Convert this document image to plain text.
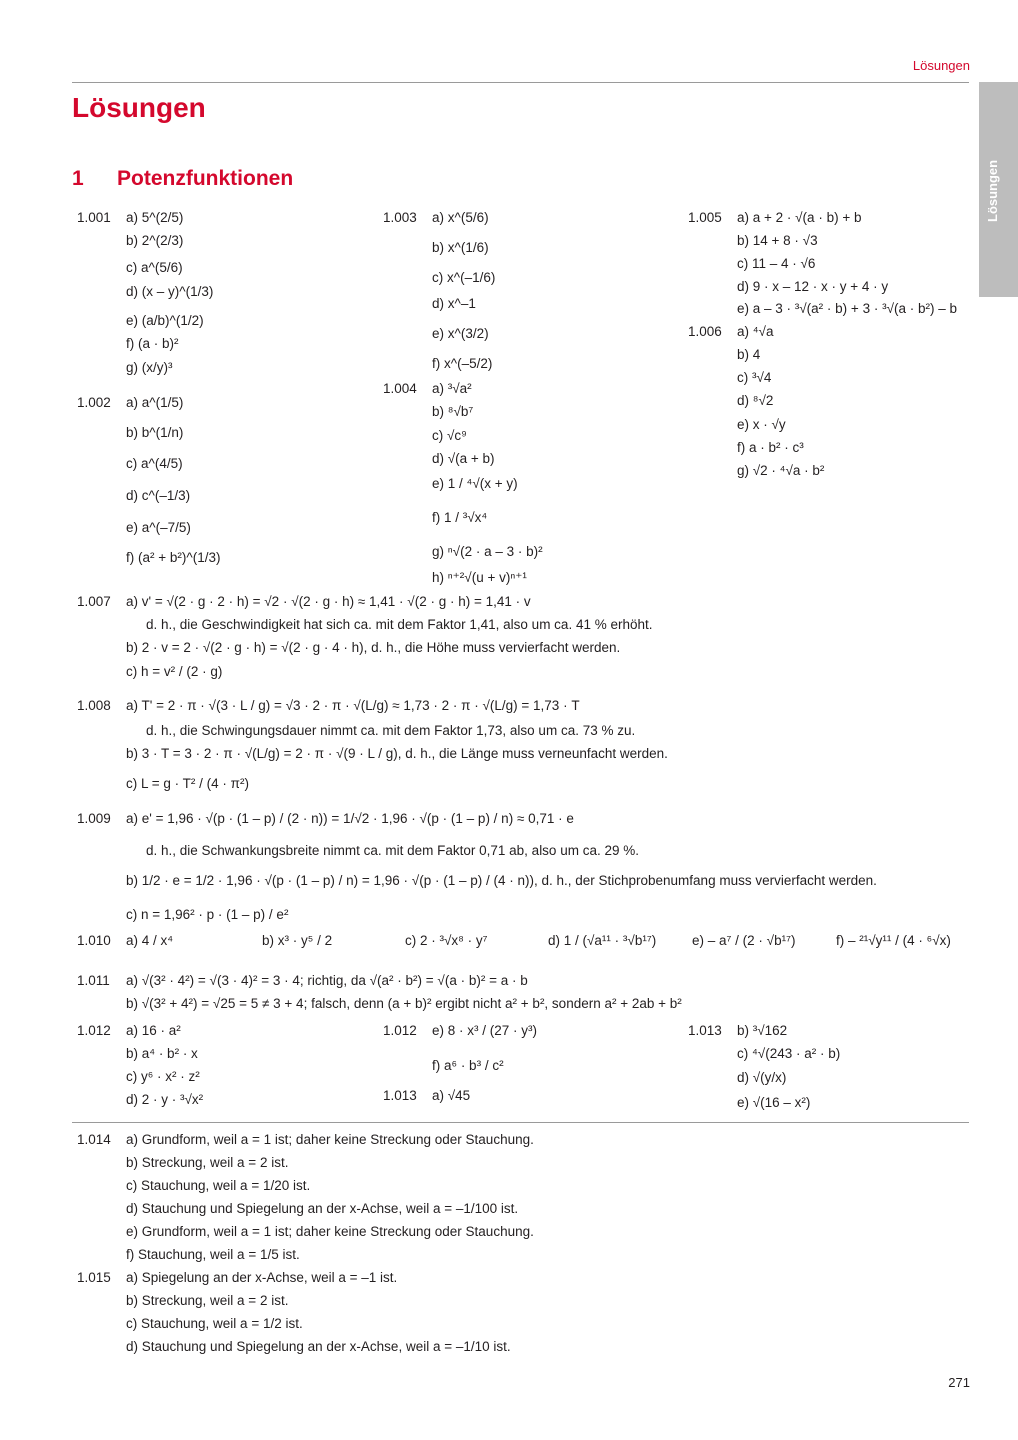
Lösungen
Lösungen
Lösungen
1 Potenzfunktionen
1.001 a) 5^(2/5)
b) 2^(2/3)
c) a^(5/6)
d) (x – y)^(1/3)
e) (a/b)^(1/2)
f) (a · b)²
g) (x/y)³
1.002 a) a^(1/5)
b) b^(1/n)
c) a^(4/5)
d) c^(–1/3)
e) a^(–7/5)
f) (a² + b²)^(1/3)
1.003 a) x^(5/6)
b) x^(1/6)
c) x^(–1/6)
d) x^–1
e) x^(3/2)
f) x^(–5/2)
1.004 a) ³√a²
b) ⁸√b⁷
c) √c⁹
d) √(a + b)
e) 1 / ⁴√(x + y)
f) 1 / ³√x⁴
g) ⁿ√(2 · a – 3 · b)²
h) ⁿ⁺²√(u + v)ⁿ⁺¹
1.005 a) a + 2 · √(a · b) + b
b) 14 + 8 · √3
c) 11 – 4 · √6
d) 9 · x – 12 · x · y + 4 · y
e) a – 3 · ³√(a² · b) + 3 · ³√(a · b²) – b
1.006 a) ⁴√a
b) 4
c) ³√4
d) ⁸√2
e) x · √y
f) a · b² · c³
g) √2 · ⁴√a · b²
1.007 a) v' = √(2 · g · 2 · h) = √2 · √(2 · g · h) ≈ 1,41 · √(2 · g · h) = 1,41 · v
d. h., die Geschwindigkeit hat sich ca. mit dem Faktor 1,41, also um ca. 41 % erhöht.
b) 2 · v = 2 · √(2 · g · h) = √(2 · g · 4 · h), d. h., die Höhe muss vervierfacht werden.
c) h = v² / (2 · g)
1.008 a) T' = 2 · π · √(3 · L / g) = √3 · 2 · π · √(L/g) ≈ 1,73 · 2 · π · √(L/g) = 1,73 · T
d. h., die Schwingungsdauer nimmt ca. mit dem Faktor 1,73, also um ca. 73 % zu.
b) 3 · T = 3 · 2 · π · √(L/g) = 2 · π · √(9 · L / g), d. h., die Länge muss verneunfacht werden.
c) L = g · T² / (4 · π²)
1.009 a) e' = 1,96 · √(p · (1 – p) / (2 · n)) = 1/√2 · 1,96 · √(p · (1 – p) / n) ≈ 0,71 · e
d. h., die Schwankungsbreite nimmt ca. mit dem Faktor 0,71 ab, also um ca. 29 %.
b) 1/2 · e = 1/2 · 1,96 · √(p · (1 – p) / n) = 1,96 · √(p · (1 – p) / (4 · n)), d. h., der Stichprobenumfang muss vervierfacht werden.
c) n = 1,96² · p · (1 – p) / e²
1.010 a) 4 / x⁴	b) x³ · y⁵ / 2	c) 2 · ³√x⁸ · y⁷	d) 1 / (√a¹¹ · ³√b¹⁷)	e) – a⁷ / (2 · √b¹⁷)	f) – ²¹√y¹¹ / (4 · ⁶√x)
1.011 a) √(3² · 4²) = √(3 · 4)² = 3 · 4; richtig, da √(a² · b²) = √(a · b)² = a · b
b) √(3² + 4²) = √25 = 5 ≠ 3 + 4; falsch, denn (a + b)² ergibt nicht a² + b², sondern a² + 2ab + b²
1.012 a) 16 · a²
b) a⁴ · b² · x
c) y⁶ · x² · z²
d) 2 · y · ³√x²
1.012 e) 8 · x³ / (27 · y³)
f) a⁶ · b³ / c²
1.013 a) √45
1.013 b) ³√162
c) ⁴√(243 · a² · b)
d) √(y/x)
e) √(16 – x²)
1.014 a) Grundform, weil a = 1 ist; daher keine Streckung oder Stauchung.
b) Streckung, weil a = 2 ist.
c) Stauchung, weil a = 1/20 ist.
d) Stauchung und Spiegelung an der x-Achse, weil a = –1/100 ist.
e) Grundform, weil a = 1 ist; daher keine Streckung oder Stauchung.
f) Stauchung, weil a = 1/5 ist.
1.015 a) Spiegelung an der x-Achse, weil a = –1 ist.
b) Streckung, weil a = 2 ist.
c) Stauchung, weil a = 1/2 ist.
d) Stauchung und Spiegelung an der x-Achse, weil a = –1/10 ist.
271
